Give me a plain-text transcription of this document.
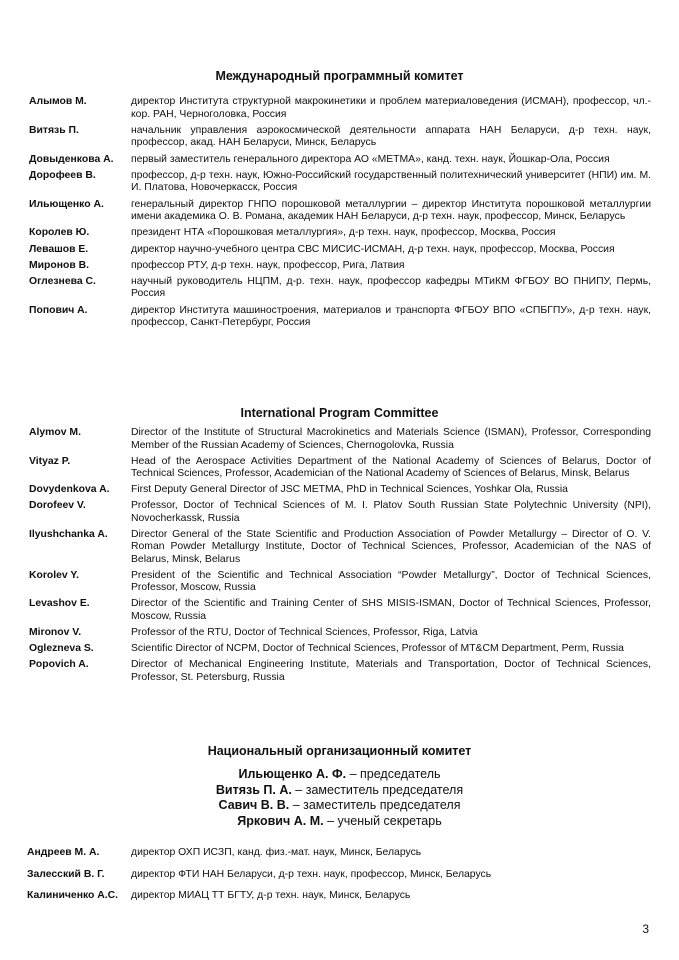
Международный программный комитет
Алымов М.	директор Института структурной макрокинетики и проблем материаловедения (ИСМАН), профессор, чл.-кор. РАН, Черноголовка, Россия
Витязь П.	начальник управления аэрокосмической деятельности аппарата НАН Беларуси, д-р техн. наук, профессор, акад. НАН Беларуси, Минск, Беларусь
Довыденкова А.	первый заместитель генерального директора АО «МЕТМА», канд. техн. наук, Йошкар-Ола, Россия
Дорофеев В.	профессор, д-р техн. наук, Южно-Российский государственный политехнический университет (НПИ) им. М. И. Платова, Новочеркасск, Россия
Ильющенко А.	генеральный директор ГНПО порошковой металлургии – директор Института порошковой металлургии имени академика О. В. Романа, академик НАН Беларуси, д-р техн. наук, профессор, Минск, Беларусь
Королев Ю.	президент НТА «Порошковая металлургия», д-р техн. наук, профессор, Москва, Россия
Левашов Е.	директор научно-учебного центра СВС МИСИС-ИСМАН, д-р техн. наук, профессор, Москва, Россия
Миронов В.	профессор РТУ, д-р техн. наук, профессор, Рига, Латвия
Оглезнева С.	научный руководитель НЦПМ, д-р. техн. наук, профессор кафедры МТиКМ ФГБОУ ВО ПНИПУ, Пермь, Россия
Попович А.	директор Института машиностроения, материалов и транспорта ФГБОУ ВПО «СПБГПУ», д-р техн. наук, профессор, Санкт-Петербург, Россия
International Program Committee
Alymov M.	Director of the Institute of Structural Macrokinetics and Materials Science (ISMAN), Professor, Corresponding Member of the Russian Academy of Sciences, Chernogolovka, Russia
Vityaz P.	Head of the Aerospace Activities Department of the National Academy of Sciences of Belarus, Doctor of Technical Sciences, Professor, Academician of the National Academy of Sciences of Belarus, Minsk, Belarus
Dovydenkova A.	First Deputy General Director of JSC METMA, PhD in Technical Sciences, Yoshkar Ola, Russia
Dorofeev V.	Professor, Doctor of Technical Sciences of M. I. Platov South Russian State Polytechnic University (NPI), Novocherkassk, Russia
Ilyushchanka A.	Director General of the State Scientific and Production Association of Powder Metallurgy – Director of O. V. Roman Powder Metallurgy Institute, Doctor of Technical Sciences, Professor, Academician of the NAS of Belarus, Minsk, Belarus
Korolev Y.	President of the Scientific and Technical Association “Powder Metallurgy”, Doctor of Technical Sciences, Professor, Moscow, Russia
Levashov E.	Director of the Scientific and Training Center of SHS MISIS-ISMAN, Doctor of Technical Sciences, Professor, Moscow, Russia
Mironov V.	Professor of the RTU, Doctor of Technical Sciences, Professor, Riga, Latvia
Ogleznevа S.	Scientific Director of NCPM, Doctor of Technical Sciences, Professor of MT&CM Department, Perm, Russia
Popovich A.	Director of Mechanical Engineering Institute, Materials and Transportation, Doctor of Technical Sciences, Professor, St. Petersburg, Russia
Национальный организационный комитет
Ильющенко А. Ф. – председатель
Витязь П. А. – заместитель председателя
Савич В. В. – заместитель председателя
Яркович А. М. – ученый секретарь
Андреев М. А.	директор ОХП ИСЗП, канд. физ.-мат. наук, Минск, Беларусь
Залесский В. Г.	директор ФТИ НАН Беларуси, д-р техн. наук, профессор, Минск, Беларусь
Калиниченко А.С.	директор МИАЦ ТТ БГТУ, д-р техн. наук, Минск, Беларусь
3
